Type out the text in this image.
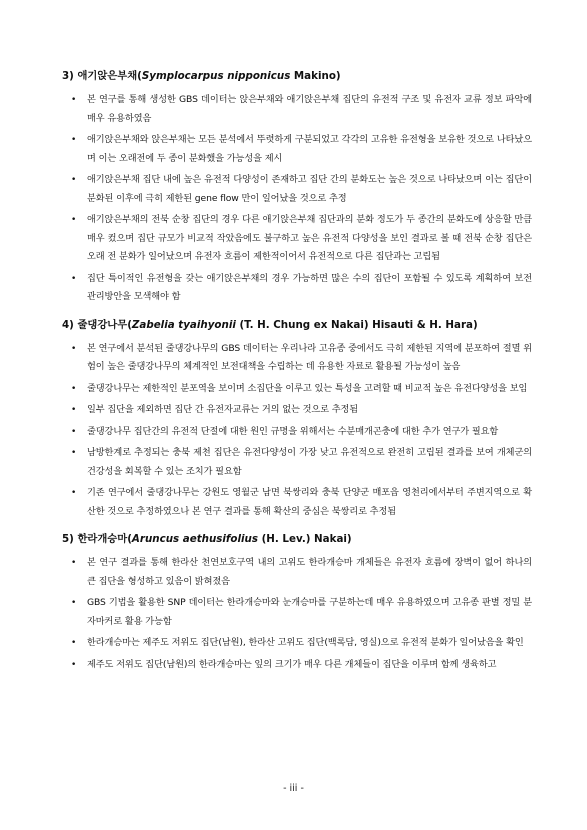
3) 애기앉은부채(Symplocarpus nipponicus Makino)
• 본 연구를 통해 생성한 GBS 데이터는 앉은부채와 애기앉은부채 집단의 유전적 구조 및 유전자 교류 정보 파악에 매우 유용하였음
• 애기앉은부채와 앉은부채는 모든 분석에서 뚜렷하게 구분되었고 각각의 고유한 유전형을 보유한 것으로 나타났으며 이는 오래전에 두 종이 분화했을 가능성을 제시
• 애기앉은부채 집단 내에 높은 유전적 다양성이 존재하고 집단 간의 분화도는 높은 것으로 나타났으며 이는 집단이 분화된 이후에 극히 제한된 gene flow 만이 일어났을 것으로 추정
• 애기앉은부채의 전북 순창 집단의 경우 다른 애기앉은부채 집단과의 분화 정도가 두 종간의 분화도에 상응할 만큼 매우 컸으며 집단 규모가 비교적 작았음에도 불구하고 높은 유전적 다양성을 보인 결과로 볼 때 전북 순창 집단은 오래 전 분화가 일어났으며 유전자 흐름이 제한적이어서 유전적으로 다른 집단과는 고립됨
• 집단 특이적인 유전형을 갖는 애기앉은부채의 경우 가능하면 많은 수의 집단이 포함될 수 있도록 계획하여 보전 관리방안을 모색해야 함
4) 줄댕강나무(Zabelia tyaihyonii (T. H. Chung ex Nakai) Hisauti & H. Hara)
• 본 연구에서 분석된 줄댕강나무의 GBS 데이터는 우리나라 고유종 중에서도 극히 제한된 지역에 분포하여 절멸 위험이 높은 줄댕강나무의 체계적인 보전대책을 수립하는 데 유용한 자료로 활용될 가능성이 높음
• 줄댕강나무는 제한적인 분포역을 보이며 소집단을 이루고 있는 특성을 고려할 때 비교적 높은 유전다양성을 보임
• 일부 집단을 제외하면 집단 간 유전자교류는 거의 없는 것으로 추정됨
• 줄댕강나무 집단간의 유전적 단절에 대한 원인 규명을 위해서는 수분매개곤충에 대한 추가 연구가 필요함
• 남방한계로 추정되는 충북 제천 집단은 유전다양성이 가장 낮고 유전적으로 완전히 고립된 결과를 보여 개체군의 건강성을 회복할 수 있는 조치가 필요함
• 기존 연구에서 줄댕강나무는 강원도 영월군 남면 북쌍리와 충북 단양군 매포읍 영천리에서부터 주변지역으로 확산한 것으로 추정하였으나 본 연구 결과를 통해 확산의 중심은 북쌍리로 추정됨
5) 한라개승마(Aruncus aethusifolius (H. Lev.) Nakai)
• 본 연구 결과를 통해 한라산 천연보호구역 내의 고위도 한라개승마 개체들은 유전자 흐름에 장벽이 없어 하나의 큰 집단을 형성하고 있음이 밝혀졌음
• GBS 기법을 활용한 SNP 데이터는 한라개승마와 눈개승마를 구분하는데 매우 유용하였으며 고유종 판별 정밀 분자마커로 활용 가능함
• 한라개승마는 제주도 저위도 집단(남원), 한라산 고위도 집단(백록담, 영실)으로 유전적 분화가 일어났음을 확인
• 제주도 저위도 집단(남원)의 한라개승마는 잎의 크기가 매우 다른 개체들이 집단을 이루며 함께 생육하고
- iii -
